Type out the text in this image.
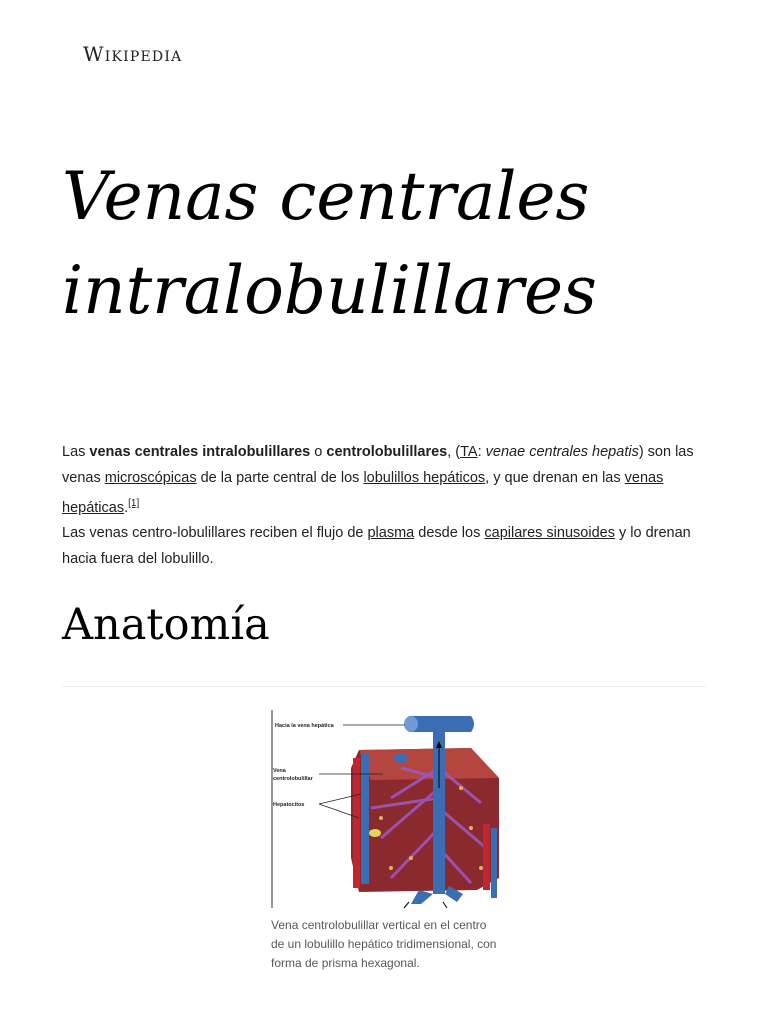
Wikipedia
Venas centrales
intralobulillares

Las venas centrales intralobulillares o centrolobulillares, (TA: venae centrales hepatis) son las venas microscópicas de la parte central de los lobulillos hepáticos, y que drenan en las venas hepáticas.[1]
Las venas centro-lobulillares reciben el flujo de plasma desde los capilares sinusoides y lo drenan hacia fuera del lobulillo.

Anatomía
Hacia la vena hepática
Vena
centrolobulillar
Hepatocitos
Vena centrolobulillar vertical en el centro de un lobulillo hepático tridimensional, con forma de prisma hexagonal.
